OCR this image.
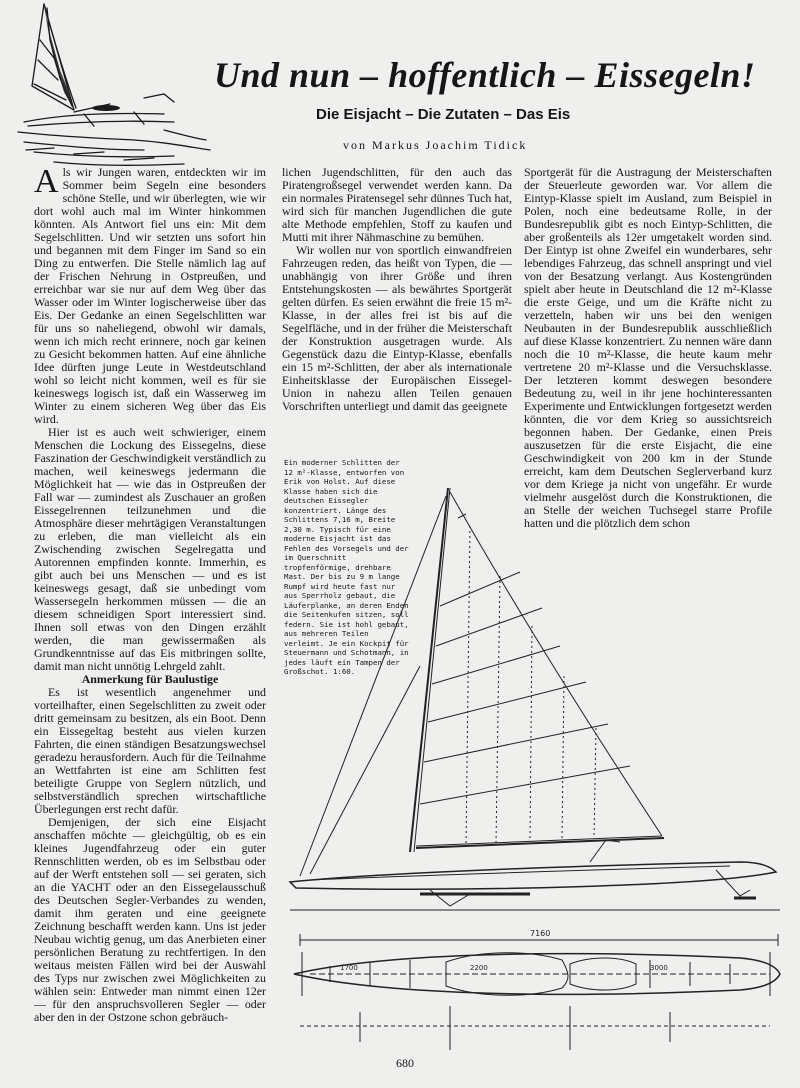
Und nun – hoffentlich – Eissegeln!
Die Eisjacht – Die Zutaten – Das Eis
von Markus Joachim Tidick

Als wir Jungen waren, entdeckten wir im Sommer beim Segeln eine besonders schöne Stelle, und wir überlegten, wie wir dort wohl auch mal im Winter hinkommen könnten. Als Antwort fiel uns ein: Mit dem Segelschlitten. Und wir setzten uns sofort hin und begannen mit dem Finger im Sand so ein Ding zu entwerfen. Die Stelle nämlich lag auf der Frischen Nehrung in Ostpreußen, und erreichbar war sie nur auf dem Weg über das Wasser oder im Winter logischerweise über das Eis. Der Gedanke an einen Segelschlitten war für uns so naheliegend, obwohl wir damals, wenn ich mich recht erinnere, noch gar keinen zu Gesicht bekommen hatten. Auf eine ähnliche Idee dürften junge Leute in Westdeutschland wohl so leicht nicht kommen, weil es für sie keineswegs logisch ist, daß ein Wasserweg im Winter zu einem sicheren Weg über das Eis wird.

Hier ist es auch weit schwieriger, einem Menschen die Lockung des Eissegelns, diese Faszination der Geschwindigkeit verständlich zu machen, weil keineswegs jedermann die Möglichkeit hat — wie das in Ostpreußen der Fall war — zumindest als Zuschauer an großen Eissegelrennen teilzunehmen und die Atmosphäre dieser mehrtägigen Veranstaltungen zu erleben, die man vielleicht als ein Zwischending zwischen Segelregatta und Autorennen empfinden konnte. Immerhin, es gibt auch bei uns Menschen — und es ist keineswegs gesagt, daß sie unbedingt vom Wassersegeln herkommen müssen — die an diesem schneidigen Sport interessiert sind. Ihnen soll etwas von den Dingen erzählt werden, die man gewissermaßen als Grundkenntnisse auf das Eis mitbringen sollte, damit man nicht unnötig Lehrgeld zahlt.

Anmerkung für Baulustige

Es ist wesentlich angenehmer und vorteilhafter, einen Segelschlitten zu zweit oder dritt gemeinsam zu besitzen, als ein Boot. Denn ein Eissegeltag besteht aus vielen kurzen Fahrten, die einen ständigen Besatzungswechsel geradezu herausfordern. Auch für die Teilnahme an Wettfahrten ist eine am Schlitten fest beteiligte Gruppe von Seglern nützlich, und selbstverständlich sprechen wirtschaftliche Überlegungen erst recht dafür.

Demjenigen, der sich eine Eisjacht anschaffen möchte — gleichgültig, ob es ein kleines Jugendfahrzeug oder ein guter Rennschlitten werden, ob es im Selbstbau oder auf der Werft entstehen soll — sei geraten, sich an die YACHT oder an den Eissegelausschuß des Deutschen Segler-Verbandes zu wenden, damit ihm geraten und eine geeignete Zeichnung beschafft werden kann. Uns ist jeder Neubau wichtig genug, um das Anerbieten einer persönlichen Beratung zu rechtfertigen. In den weitaus meisten Fällen wird bei der Auswahl des Typs nur zwischen zwei Möglichkeiten zu wählen sein: Entweder man nimmt einen 12er — für den anspruchsvolleren Segler — oder aber den in der Ostzone schon gebräuch-

lichen Jugendschlitten, für den auch das Piratengroßsegel verwendet werden kann. Da ein normales Piratensegel sehr dünnes Tuch hat, wird sich für manchen Jugendlichen die gute alte Methode empfehlen, Stoff zu kaufen und Mutti mit ihrer Nähmaschine zu bemühen.

Wir wollen nur von sportlich einwandfreien Fahrzeugen reden, das heißt von Typen, die — unabhängig von ihrer Größe und ihren Entstehungskosten — als bewährtes Sportgerät gelten dürfen. Es seien erwähnt die freie 15 m²-Klasse, in der alles frei ist bis auf die Segelfläche, und in der früher die Meisterschaft der Konstruktion ausgetragen wurde. Als Gegenstück dazu die Eintyp-Klasse, ebenfalls ein 15 m²-Schlitten, der aber als internationale Einheitsklasse der Europäischen Eissegel-Union in nahezu allen Teilen genauen Vorschriften unterliegt und damit das geeignete

Sportgerät für die Austragung der Meisterschaften der Steuerleute geworden war. Vor allem die Eintyp-Klasse spielt im Ausland, zum Beispiel in Polen, noch eine bedeutsame Rolle, in der Bundesrepublik gibt es noch Eintyp-Schlitten, die aber großenteils als 12er umgetakelt worden sind. Der Eintyp ist ohne Zweifel ein wunderbares, sehr lebendiges Fahrzeug, das schnell anspringt und viel von der Besatzung verlangt. Aus Kostengründen spielt aber heute in Deutschland die 12 m²-Klasse die erste Geige, und um die Kräfte nicht zu verzetteln, haben wir uns bei den wenigen Neubauten in der Bundesrepublik ausschließlich auf diese Klasse konzentriert. Zu nennen wäre dann noch die 10 m²-Klasse, die heute kaum mehr vertretene 20 m²-Klasse und die Versuchsklasse. Der letzteren kommt deswegen besondere Bedeutung zu, weil in ihr jene hochinteressanten Experimente und Entwicklungen fortgesetzt werden könnten, die vor dem Krieg so aussichtsreich begonnen haben. Der Gedanke, einen Preis auszusetzen für die erste Eisjacht, die eine Geschwindigkeit von 200 km in der Stunde erreicht, kam dem Deutschen Seglerverband kurz vor dem Kriege ja nicht von ungefähr. Er wurde vielmehr ausgelöst durch die Konstruktionen, die an Stelle der weichen Tuchsegel starre Profile hatten und die plötzlich dem schon

7160
1700	2200	3000
Ein moderner Schlitten der 12 m²-Klasse, entworfen von Erik von Holst. Auf diese Klasse haben sich die deutschen Eissegler konzentriert. Länge des Schlittens 7,16 m, Breite 2,30 m. Typisch für eine moderne Eisjacht ist das Fehlen des Vorsegels und der im Querschnitt tropfenförmige, drehbare Mast. Der bis zu 9 m lange Rumpf wird heute fast nur aus Sperrholz gebaut, die Läuferplanke, an deren Enden die Seitenkufen sitzen, soll federn. Sie ist hohl gebaut, aus mehreren Teilen verleimt. Je ein Kockpit für Steuermann und Schotmann, in jedes läuft ein Tampen der Großschot. 1:60.
680
